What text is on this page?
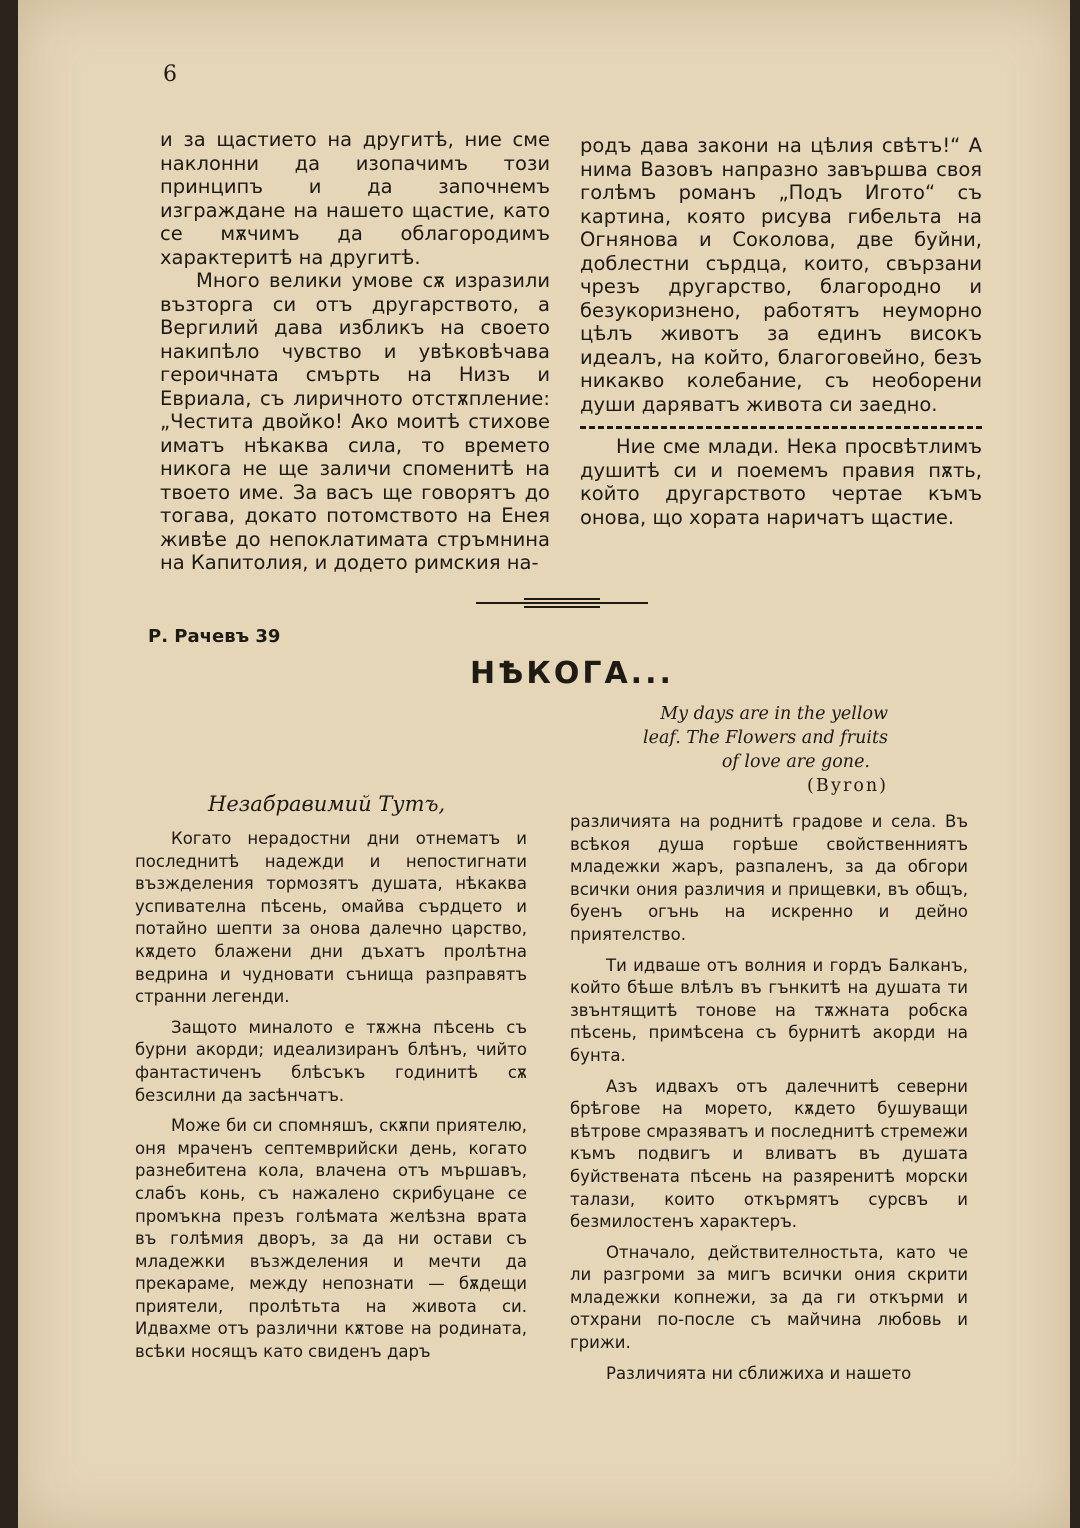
6

и за щастието на другитѣ, ние сме наклонни да изопачимъ този принципъ и да започнемъ изграждане на нашето щастие, като се мѫчимъ да облагородимъ характеритѣ на другитѣ.

Много велики умове сѫ изразили възторга си отъ другарството, а Вергилий дава избликъ на своето накипѣло чувство и увѣковѣчава героичната смърть на Низъ и Евриала, съ лиричното отстѫпление: „Честита двойко! Ако моитѣ стихове иматъ нѣкаква сила, то времето никога не ще заличи споменитѣ на твоето име. За васъ ще говорятъ до тогава, докато потомството на Енея живѣе до непоклатимата стръмнина на Капитолия, и додето римския на-

родъ дава закони на цѣлия свѣтъ!“ А нима Вазовъ напразно завършва своя голѣмъ романъ „Подъ Игото“ съ картина, която рисува гибельта на Огнянова и Соколова, две буйни, доблестни сърдца, които, свързани чрезъ другарство, благородно и безукоризнено, работятъ неуморно цѣлъ животъ за единъ високъ идеалъ, на който, благоговейно, безъ никакво колебание, съ необорени души даряватъ живота си заедно.

Ние сме млади. Нека просвѣтлимъ душитѣ си и поемемъ правия пѫть, който другарството чертае къмъ онова, що хората наричатъ щастие.

Р. Рачевъ 39
НѢКОГА...
My days are in the yellow
leaf. The Flowers and fruits
of love are gone.
(Вуron)
Незабравимий Тутъ,

Когато нерадостни дни отнематъ и последнитѣ надежди и непостигнати възжделения тормозятъ душата, нѣкаква успивателна пѣсень, омайва сърдцето и потайно шепти за онова далечно царство, кѫдето блажени дни дъхатъ пролѣтна ведрина и чудновати сънища разправятъ странни легенди.

Защото миналото е тѫжна пѣсень съ бурни акорди; идеализиранъ блѣнъ, чийто фантастиченъ блѣсъкъ годинитѣ сѫ безсилни да засѣнчатъ.

Може би си спомняшъ, скѫпи приятелю, оня мраченъ септемврийски день, когато разнебитена кола, влачена отъ мършавъ, слабъ конь, съ нажалено скрибуцане се промъкна презъ голѣмата желѣзна врата въ голѣмия дворъ, за да ни остави съ младежки възжделения и мечти да прекараме, между непознати — бѫдещи приятели, пролѣтьта на живота си. Идвахме отъ различни кѫтове на родината, всѣки носящъ като свиденъ даръ

различията на роднитѣ градове и села. Въ всѣкоя душа горѣше свойственниятъ младежки жаръ, разпаленъ, за да обгори всички ония различия и прищевки, въ общъ, буенъ огънь на искренно и дейно приятелство.

Ти идваше отъ волния и гордъ Балканъ, който бѣше влѣлъ въ гънкитѣ на душата ти звънтящитѣ тонове на тѫжната робска пѣсень, примѣсена съ бурнитѣ акорди на бунта.

Азъ идвахъ отъ далечнитѣ северни брѣгове на морето, кѫдето бушуващи вѣтрове смразяватъ и последнитѣ стремежи къмъ подвигъ и вливатъ въ душата буйствената пѣсень на разяренитѣ морски талази, които откърмятъ сурсвъ и безмилостенъ характеръ.

Отначало, действителностьта, като че ли разгроми за мигъ всички ония скрити младежки копнежи, за да ги откърми и отхрани по-после съ майчина любовь и грижи.

Различията ни сближиха и нашето
